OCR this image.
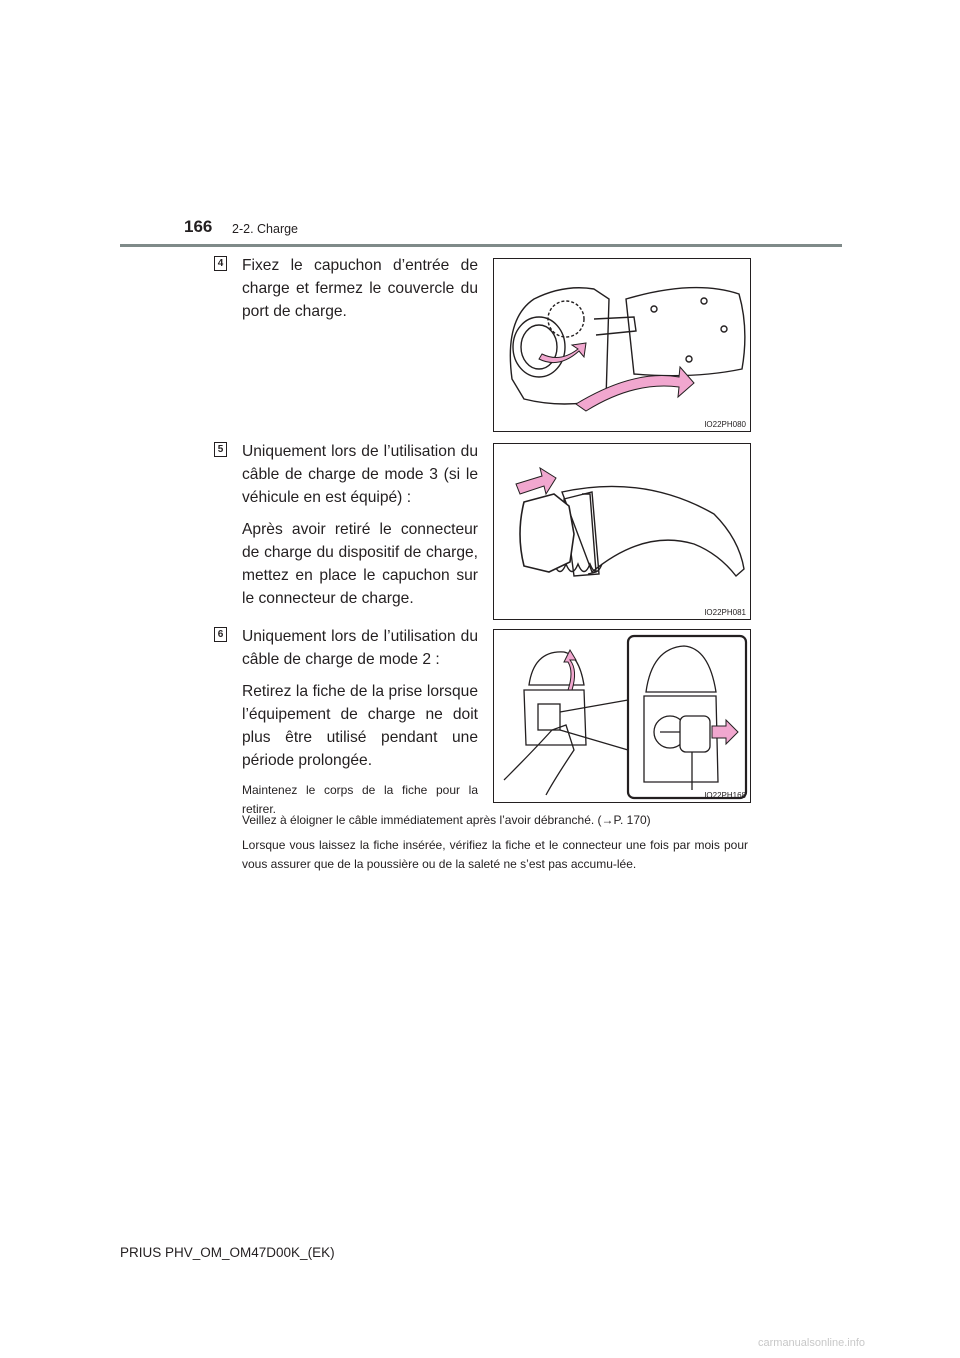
166 2-2. Charge
4 Fixez le capuchon d’entrée de charge et fermez le couvercle du port de charge.

IO22PH080
5 Uniquement lors de l’utilisation du câble de charge de mode 3 (si le véhicule en est équipé) :

Après avoir retiré le connecteur de charge du dispositif de charge, mettez en place le capuchon sur le connecteur de charge.

IO22PH081
6 Uniquement lors de l’utilisation du câble de charge de mode 2 :

Retirez la fiche de la prise lorsque l’équipement de charge ne doit plus être utilisé pendant une période prolongée.

Maintenez le corps de la fiche pour la retirer.

IO22PH168

Veillez à éloigner le câble immédiatement après l’avoir débranché. (→P. 170)

Lorsque vous laissez la fiche insérée, vérifiez la fiche et le connecteur une fois par mois pour vous assurer que de la poussière ou de la saleté ne s’est pas accumu-lée.

PRIUS PHV_OM_OM47D00K_(EK)
carmanualsonline.info
